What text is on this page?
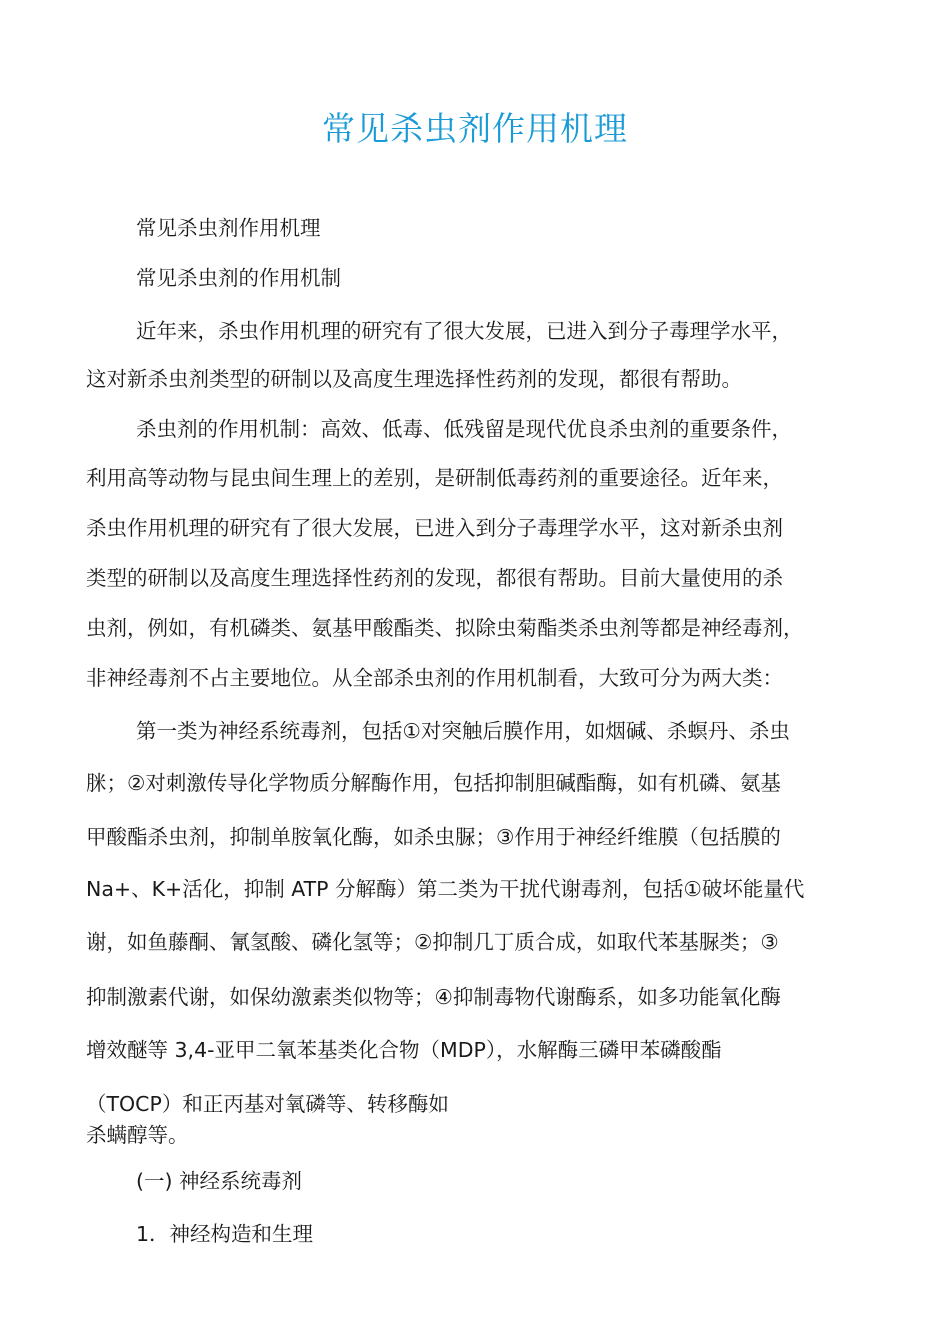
常见杀虫剂作用机理
常见杀虫剂作用机理
常见杀虫剂的作用机制
近年来，杀虫作用机理的研究有了很大发展，已进入到分子毒理学水平，
这对新杀虫剂类型的研制以及高度生理选择性药剂的发现，都很有帮助。
杀虫剂的作用机制：高效、低毒、低残留是现代优良杀虫剂的重要条件，
利用高等动物与昆虫间生理上的差别，是研制低毒药剂的重要途径。近年来，
杀虫作用机理的研究有了很大发展，已进入到分子毒理学水平，这对新杀虫剂
类型的研制以及高度生理选择性药剂的发现，都很有帮助。目前大量使用的杀
虫剂，例如，有机磷类、氨基甲酸酯类、拟除虫菊酯类杀虫剂等都是神经毒剂，
非神经毒剂不占主要地位。从全部杀虫剂的作用机制看，大致可分为两大类：
第一类为神经系统毒剂，包括①对突触后膜作用，如烟碱、杀螟丹、杀虫
脒；②对刺激传导化学物质分解酶作用，包括抑制胆碱酯酶，如有机磷、氨基
甲酸酯杀虫剂，抑制单胺氧化酶，如杀虫脲；③作用于神经纤维膜（包括膜的
Na+、K+活化，抑制 ATP 分解酶）第二类为干扰代谢毒剂，包括①破坏能量代
谢，如鱼藤酮、氰氢酸、磷化氢等；②抑制几丁质合成，如取代苯基脲类；③
抑制激素代谢，如保幼激素类似物等；④抑制毒物代谢酶系，如多功能氧化酶
增效醚等 3,4-亚甲二氧苯基类化合物（MDP），水解酶三磷甲苯磷酸酯
（TOCP）和正丙基对氧磷等、转移酶如
杀螨醇等。
(一) 神经系统毒剂
1．神经构造和生理
